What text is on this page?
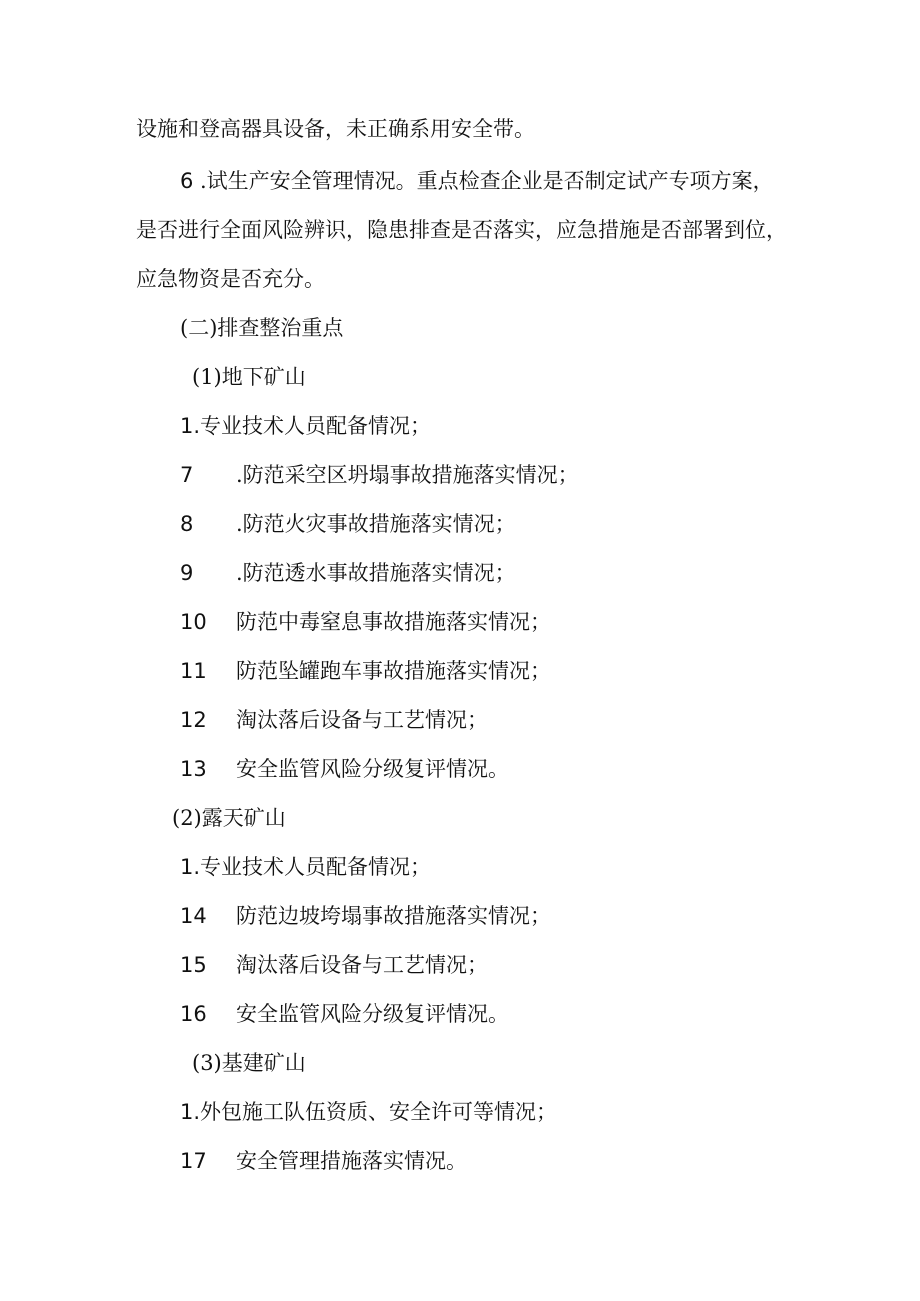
设施和登高器具设备，未正确系用安全带。
6 .试生产安全管理情况。重点检查企业是否制定试产专项方案，
是否进行全面风险辨识，隐患排查是否落实，应急措施是否部署到位，
应急物资是否充分。
(二)排查整治重点
(1)地下矿山
1.专业技术人员配备情况；
7 .防范采空区坍塌事故措施落实情况；
8 .防范火灾事故措施落实情况；
9 .防范透水事故措施落实情况；
10 防范中毒窒息事故措施落实情况；
11 防范坠罐跑车事故措施落实情况；
12 淘汰落后设备与工艺情况；
13 安全监管风险分级复评情况。
(2)露天矿山
1.专业技术人员配备情况；
14 防范边坡垮塌事故措施落实情况；
15 淘汰落后设备与工艺情况；
16 安全监管风险分级复评情况。
(3)基建矿山
1.外包施工队伍资质、安全许可等情况；
17 安全管理措施落实情况。
